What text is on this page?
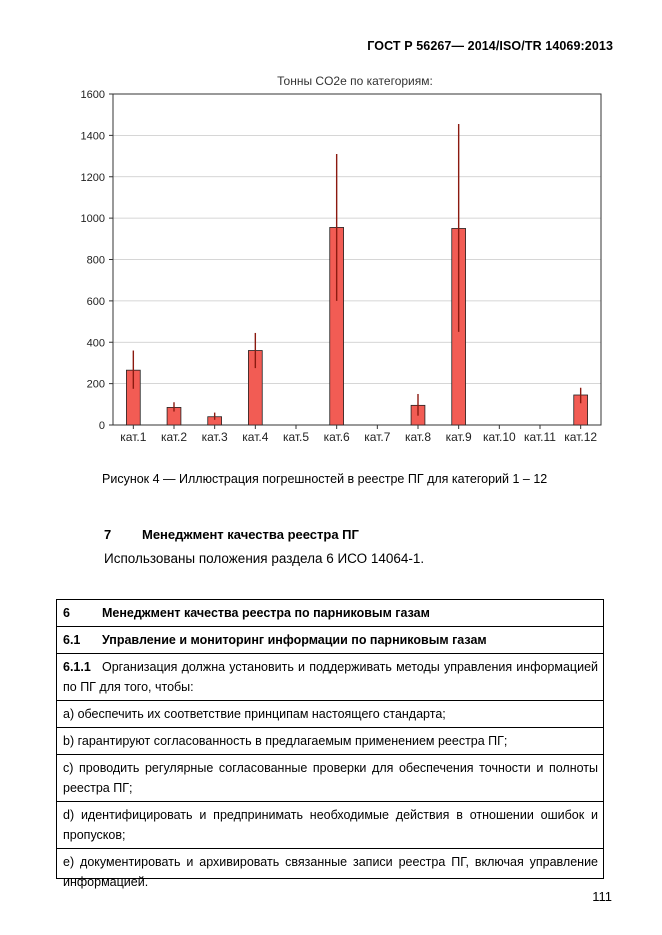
ГОСТ Р 56267— 2014/ISO/TR 14069:2013
Тонны CO2е по категориям:
0
200
400
600
800
1000
1200
1400
1600
кат.1 кат.2 кат.3 кат.4 кат.5 кат.6 кат.7 кат.8 кат.9 кат.10 кат.11 кат.12
Рисунок 4 — Иллюстрация погрешностей в реестре ПГ для категорий 1 – 12
7 Менеджмент качества реестра ПГ
Использованы положения раздела 6 ИСО 14064-1.
6	Менеджмент качества реестра по парниковым газам
6.1 Управление и мониторинг информации по парниковым газам
6.1.1 Организация должна установить и поддерживать методы управления информацией по ПГ для того, чтобы:
a) обеспечить их соответствие принципам настоящего стандарта;
b) гарантируют согласованность в предлагаемым применением реестра ПГ;
c) проводить регулярные согласованные проверки для обеспечения точности и полноты реестра ПГ;
d) идентифицировать и предпринимать необходимые действия в отношении ошибок и пропусков;
e) документировать и архивировать связанные записи реестра ПГ, включая управление информацией.
111
